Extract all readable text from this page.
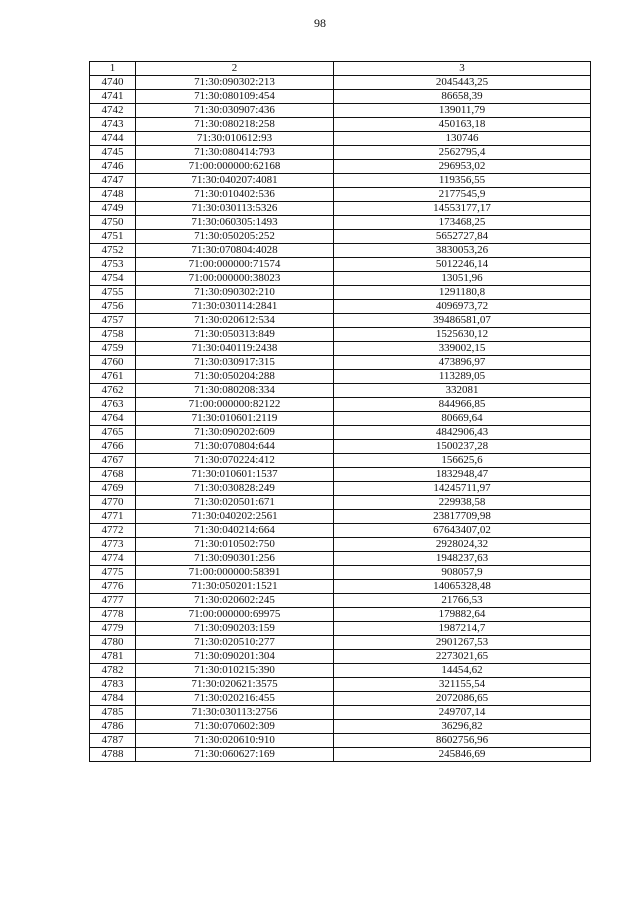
98
1	2	3
4740	71:30:090302:213	2045443,25
4741	71:30:080109:454	86658,39
4742	71:30:030907:436	139011,79
4743	71:30:080218:258	450163,18
4744	71:30:010612:93	130746
4745	71:30:080414:793	2562795,4
4746	71:00:000000:62168	296953,02
4747	71:30:040207:4081	119356,55
4748	71:30:010402:536	2177545,9
4749	71:30:030113:5326	14553177,17
4750	71:30:060305:1493	173468,25
4751	71:30:050205:252	5652727,84
4752	71:30:070804:4028	3830053,26
4753	71:00:000000:71574	5012246,14
4754	71:00:000000:38023	13051,96
4755	71:30:090302:210	1291180,8
4756	71:30:030114:2841	4096973,72
4757	71:30:020612:534	39486581,07
4758	71:30:050313:849	1525630,12
4759	71:30:040119:2438	339002,15
4760	71:30:030917:315	473896,97
4761	71:30:050204:288	113289,05
4762	71:30:080208:334	332081
4763	71:00:000000:82122	844966,85
4764	71:30:010601:2119	80669,64
4765	71:30:090202:609	4842906,43
4766	71:30:070804:644	1500237,28
4767	71:30:070224:412	156625,6
4768	71:30:010601:1537	1832948,47
4769	71:30:030828:249	14245711,97
4770	71:30:020501:671	229938,58
4771	71:30:040202:2561	23817709,98
4772	71:30:040214:664	67643407,02
4773	71:30:010502:750	2928024,32
4774	71:30:090301:256	1948237,63
4775	71:00:000000:58391	908057,9
4776	71:30:050201:1521	14065328,48
4777	71:30:020602:245	21766,53
4778	71:00:000000:69975	179882,64
4779	71:30:090203:159	1987214,7
4780	71:30:020510:277	2901267,53
4781	71:30:090201:304	2273021,65
4782	71:30:010215:390	14454,62
4783	71:30:020621:3575	321155,54
4784	71:30:020216:455	2072086,65
4785	71:30:030113:2756	249707,14
4786	71:30:070602:309	36296,82
4787	71:30:020610:910	8602756,96
4788	71:30:060627:169	245846,69
